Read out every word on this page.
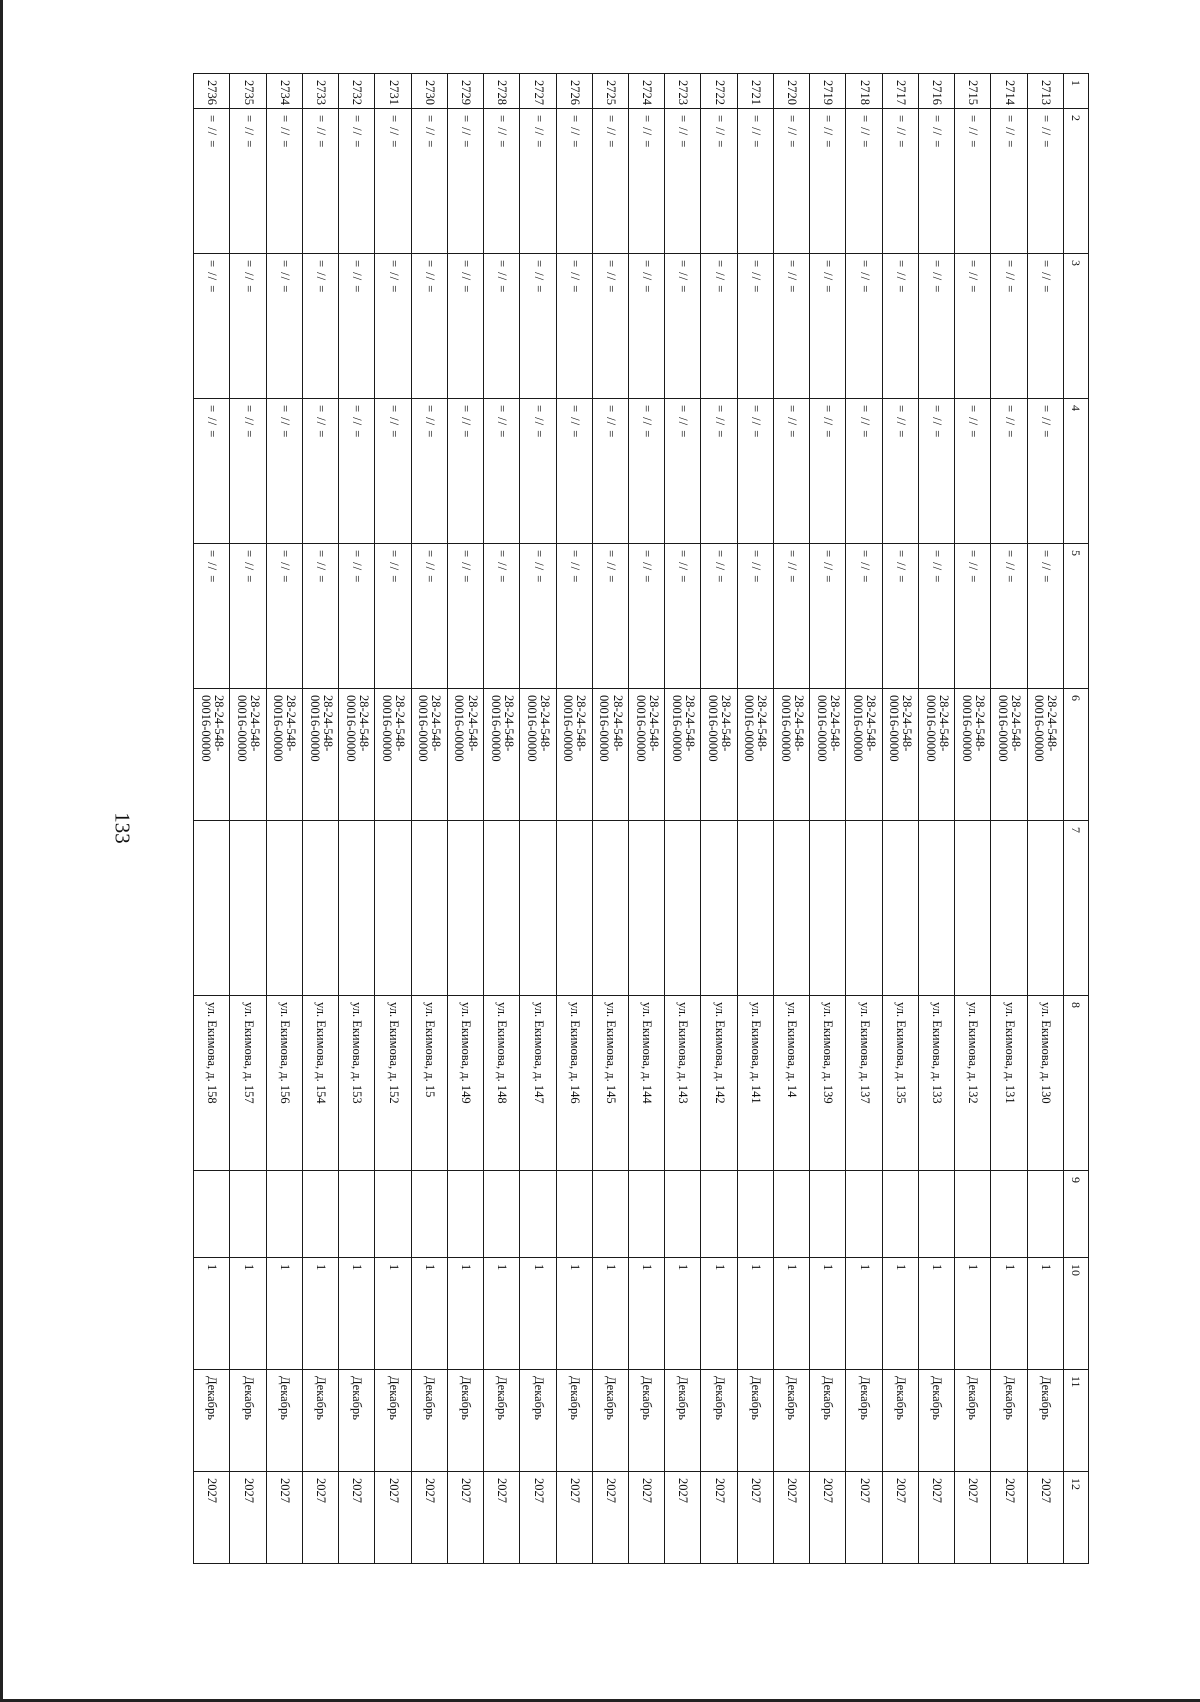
133
1	2	3	4	5	6	7	8	9	10	11	12
2713	= // =	= // =	= // =	= // =	28-24-548-
00016-00000		ул. Екимова, д. 130		1	Декабрь	2027
2714	= // =	= // =	= // =	= // =	28-24-548-
00016-00000		ул. Екимова, д. 131		1	Декабрь	2027
2715	= // =	= // =	= // =	= // =	28-24-548-
00016-00000		ул. Екимова, д. 132		1	Декабрь	2027
2716	= // =	= // =	= // =	= // =	28-24-548-
00016-00000		ул. Екимова, д. 133		1	Декабрь	2027
2717	= // =	= // =	= // =	= // =	28-24-548-
00016-00000		ул. Екимова, д. 135		1	Декабрь	2027
2718	= // =	= // =	= // =	= // =	28-24-548-
00016-00000		ул. Екимова, д. 137		1	Декабрь	2027
2719	= // =	= // =	= // =	= // =	28-24-548-
00016-00000		ул. Екимова, д. 139		1	Декабрь	2027
2720	= // =	= // =	= // =	= // =	28-24-548-
00016-00000		ул. Екимова, д. 14		1	Декабрь	2027
2721	= // =	= // =	= // =	= // =	28-24-548-
00016-00000		ул. Екимова, д. 141		1	Декабрь	2027
2722	= // =	= // =	= // =	= // =	28-24-548-
00016-00000		ул. Екимова, д. 142		1	Декабрь	2027
2723	= // =	= // =	= // =	= // =	28-24-548-
00016-00000		ул. Екимова, д. 143		1	Декабрь	2027
2724	= // =	= // =	= // =	= // =	28-24-548-
00016-00000		ул. Екимова, д. 144		1	Декабрь	2027
2725	= // =	= // =	= // =	= // =	28-24-548-
00016-00000		ул. Екимова, д. 145		1	Декабрь	2027
2726	= // =	= // =	= // =	= // =	28-24-548-
00016-00000		ул. Екимова, д. 146		1	Декабрь	2027
2727	= // =	= // =	= // =	= // =	28-24-548-
00016-00000		ул. Екимова, д. 147		1	Декабрь	2027
2728	= // =	= // =	= // =	= // =	28-24-548-
00016-00000		ул. Екимова, д. 148		1	Декабрь	2027
2729	= // =	= // =	= // =	= // =	28-24-548-
00016-00000		ул. Екимова, д. 149		1	Декабрь	2027
2730	= // =	= // =	= // =	= // =	28-24-548-
00016-00000		ул. Екимова, д. 15		1	Декабрь	2027
2731	= // =	= // =	= // =	= // =	28-24-548-
00016-00000		ул. Екимова, д. 152		1	Декабрь	2027
2732	= // =	= // =	= // =	= // =	28-24-548-
00016-00000		ул. Екимова, д. 153		1	Декабрь	2027
2733	= // =	= // =	= // =	= // =	28-24-548-
00016-00000		ул. Екимова, д. 154		1	Декабрь	2027
2734	= // =	= // =	= // =	= // =	28-24-548-
00016-00000		ул. Екимова, д. 156		1	Декабрь	2027
2735	= // =	= // =	= // =	= // =	28-24-548-
00016-00000		ул. Екимова, д. 157		1	Декабрь	2027
2736	= // =	= // =	= // =	= // =	28-24-548-
00016-00000		ул. Екимова, д. 158		1	Декабрь	2027
